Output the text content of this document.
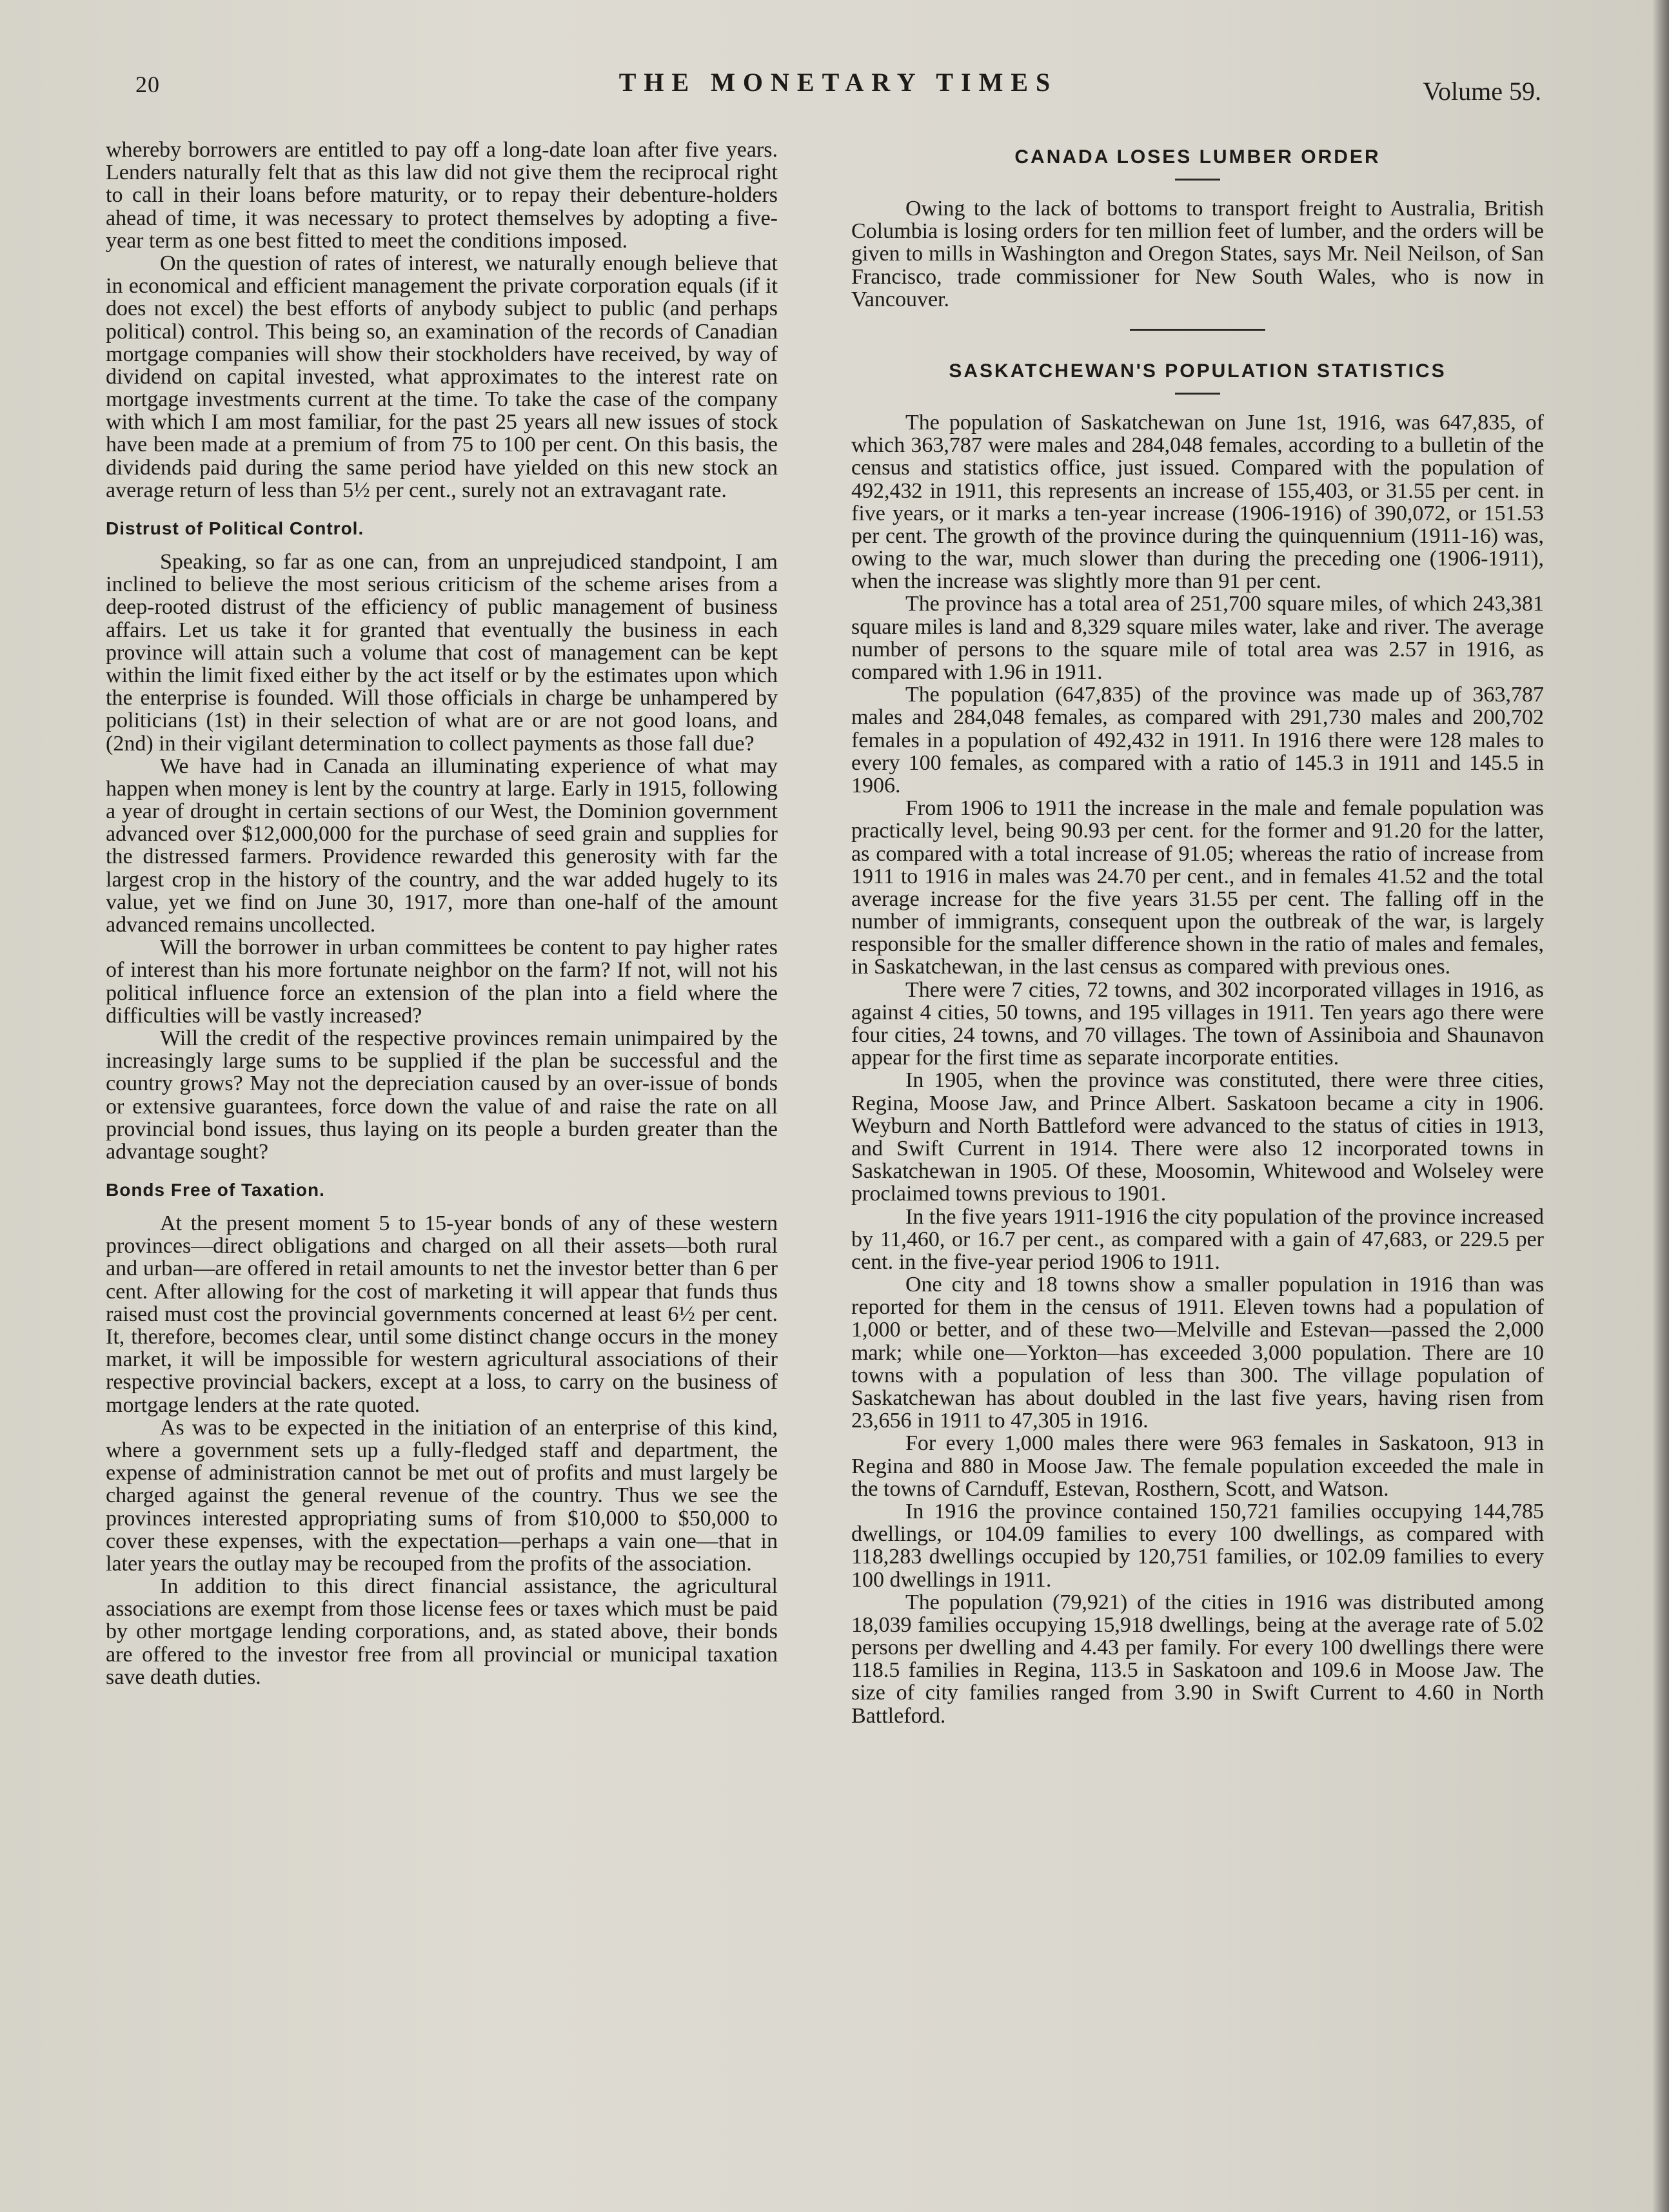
20	THE MONETARY TIMES	Volume 59.

whereby borrowers are entitled to pay off a long-date loan after five years. Lenders naturally felt that as this law did not give them the reciprocal right to call in their loans before maturity, or to repay their debenture-holders ahead of time, it was necessary to protect themselves by adopting a five-year term as one best fitted to meet the conditions imposed.

On the question of rates of interest, we naturally enough believe that in economical and efficient management the private corporation equals (if it does not excel) the best efforts of anybody subject to public (and perhaps political) control. This being so, an examination of the records of Canadian mortgage companies will show their stockholders have received, by way of dividend on capital invested, what approximates to the interest rate on mortgage investments current at the time. To take the case of the company with which I am most familiar, for the past 25 years all new issues of stock have been made at a premium of from 75 to 100 per cent. On this basis, the dividends paid during the same period have yielded on this new stock an average return of less than 5½ per cent., surely not an extravagant rate.

Distrust of Political Control.

Speaking, so far as one can, from an unprejudiced standpoint, I am inclined to believe the most serious criticism of the scheme arises from a deep-rooted distrust of the efficiency of public management of business affairs. Let us take it for granted that eventually the business in each province will attain such a volume that cost of management can be kept within the limit fixed either by the act itself or by the estimates upon which the enterprise is founded. Will those officials in charge be unhampered by politicians (1st) in their selection of what are or are not good loans, and (2nd) in their vigilant determination to collect payments as those fall due?

We have had in Canada an illuminating experience of what may happen when money is lent by the country at large. Early in 1915, following a year of drought in certain sections of our West, the Dominion government advanced over $12,000,000 for the purchase of seed grain and supplies for the distressed farmers. Providence rewarded this generosity with far the largest crop in the history of the country, and the war added hugely to its value, yet we find on June 30, 1917, more than one-half of the amount advanced remains uncollected.

Will the borrower in urban committees be content to pay higher rates of interest than his more fortunate neighbor on the farm? If not, will not his political influence force an extension of the plan into a field where the difficulties will be vastly increased?

Will the credit of the respective provinces remain unimpaired by the increasingly large sums to be supplied if the plan be successful and the country grows? May not the depreciation caused by an over-issue of bonds or extensive guarantees, force down the value of and raise the rate on all provincial bond issues, thus laying on its people a burden greater than the advantage sought?

Bonds Free of Taxation.

At the present moment 5 to 15-year bonds of any of these western provinces—direct obligations and charged on all their assets—both rural and urban—are offered in retail amounts to net the investor better than 6 per cent. After allowing for the cost of marketing it will appear that funds thus raised must cost the provincial governments concerned at least 6½ per cent. It, therefore, becomes clear, until some distinct change occurs in the money market, it will be impossible for western agricultural associations of their respective provincial backers, except at a loss, to carry on the business of mortgage lenders at the rate quoted.

As was to be expected in the initiation of an enterprise of this kind, where a government sets up a fully-fledged staff and department, the expense of administration cannot be met out of profits and must largely be charged against the general revenue of the country. Thus we see the provinces interested appropriating sums of from $10,000 to $50,000 to cover these expenses, with the expectation—perhaps a vain one—that in later years the outlay may be recouped from the profits of the association.

In addition to this direct financial assistance, the agricultural associations are exempt from those license fees or taxes which must be paid by other mortgage lending corporations, and, as stated above, their bonds are offered to the investor free from all provincial or municipal taxation save death duties.

CANADA LOSES LUMBER ORDER

Owing to the lack of bottoms to transport freight to Australia, British Columbia is losing orders for ten million feet of lumber, and the orders will be given to mills in Washington and Oregon States, says Mr. Neil Neilson, of San Francisco, trade commissioner for New South Wales, who is now in Vancouver.

SASKATCHEWAN'S POPULATION STATISTICS

The population of Saskatchewan on June 1st, 1916, was 647,835, of which 363,787 were males and 284,048 females, according to a bulletin of the census and statistics office, just issued. Compared with the population of 492,432 in 1911, this represents an increase of 155,403, or 31.55 per cent. in five years, or it marks a ten-year increase (1906-1916) of 390,072, or 151.53 per cent. The growth of the province during the quinquennium (1911-16) was, owing to the war, much slower than during the preceding one (1906-1911), when the increase was slightly more than 91 per cent.

The province has a total area of 251,700 square miles, of which 243,381 square miles is land and 8,329 square miles water, lake and river. The average number of persons to the square mile of total area was 2.57 in 1916, as compared with 1.96 in 1911.

The population (647,835) of the province was made up of 363,787 males and 284,048 females, as compared with 291,730 males and 200,702 females in a population of 492,432 in 1911. In 1916 there were 128 males to every 100 females, as compared with a ratio of 145.3 in 1911 and 145.5 in 1906.

From 1906 to 1911 the increase in the male and female population was practically level, being 90.93 per cent. for the former and 91.20 for the latter, as compared with a total increase of 91.05; whereas the ratio of increase from 1911 to 1916 in males was 24.70 per cent., and in females 41.52 and the total average increase for the five years 31.55 per cent. The falling off in the number of immigrants, consequent upon the outbreak of the war, is largely responsible for the smaller difference shown in the ratio of males and females, in Saskatchewan, in the last census as compared with previous ones.

There were 7 cities, 72 towns, and 302 incorporated villages in 1916, as against 4 cities, 50 towns, and 195 villages in 1911. Ten years ago there were four cities, 24 towns, and 70 villages. The town of Assiniboia and Shaunavon appear for the first time as separate incorporate entities.

In 1905, when the province was constituted, there were three cities, Regina, Moose Jaw, and Prince Albert. Saskatoon became a city in 1906. Weyburn and North Battleford were advanced to the status of cities in 1913, and Swift Current in 1914. There were also 12 incorporated towns in Saskatchewan in 1905. Of these, Moosomin, Whitewood and Wolseley were proclaimed towns previous to 1901.

In the five years 1911-1916 the city population of the province increased by 11,460, or 16.7 per cent., as compared with a gain of 47,683, or 229.5 per cent. in the five-year period 1906 to 1911.

One city and 18 towns show a smaller population in 1916 than was reported for them in the census of 1911. Eleven towns had a population of 1,000 or better, and of these two—Melville and Estevan—passed the 2,000 mark; while one—Yorkton—has exceeded 3,000 population. There are 10 towns with a population of less than 300. The village population of Saskatchewan has about doubled in the last five years, having risen from 23,656 in 1911 to 47,305 in 1916.

For every 1,000 males there were 963 females in Saskatoon, 913 in Regina and 880 in Moose Jaw. The female population exceeded the male in the towns of Carnduff, Estevan, Rosthern, Scott, and Watson.

In 1916 the province contained 150,721 families occupying 144,785 dwellings, or 104.09 families to every 100 dwellings, as compared with 118,283 dwellings occupied by 120,751 families, or 102.09 families to every 100 dwellings in 1911.

The population (79,921) of the cities in 1916 was distributed among 18,039 families occupying 15,918 dwellings, being at the average rate of 5.02 persons per dwelling and 4.43 per family. For every 100 dwellings there were 118.5 families in Regina, 113.5 in Saskatoon and 109.6 in Moose Jaw. The size of city families ranged from 3.90 in Swift Current to 4.60 in North Battleford.
